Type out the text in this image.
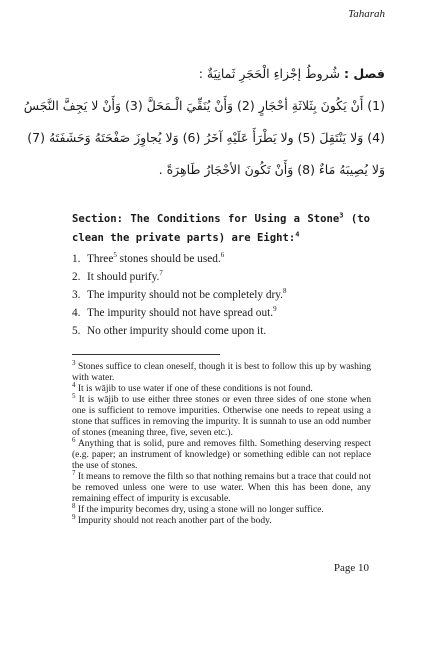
Taharah
فصل : شُروطُ إجْزاءِ الْحَجَرِ ثَمانِيَةٌ :
(1) أَنْ يَكُونَ بِثَلاثَةِ أحْجَارٍ (2) وَأَنْ يُنَقِّيَ الْـمَحَلَّ (3) وَأَنْ لا يَجِفَّ النَّجَسُ
(4) وَلا يَنْتَقِلَ (5) ولا يَطْرَأَ عَلَيْهِ آخَرُ (6) وَلا يُجاوِزَ صَفْحَتَهُ وَحَشَفَتَهُ (7)
وَلا يُصِيبَهُ مَاءٌ (8) وَأَنْ تَكُونَ الأحْجَارُ طَاهِرَةً .

Section: The Conditions for Using a Stone$^3$ (to clean the private parts) are Eight:$^4$

1. Three$^5$ stones should be used.$^6$
2. It should purify.$^7$
3. The impurity should not be completely dry.$^8$
4. The impurity should not have spread out.$^9$
5. No other impurity should come upon it.

$^3$ Stones suffice to clean oneself, though it is best to follow this up by washing with water.

$^4$ It is wājib to use water if one of these conditions is not found.

$^5$ It is wājib to use either three stones or even three sides of one stone when one is sufficient to remove impurities. Otherwise one needs to repeat using a stone that suffices in removing the impurity. It is sunnah to use an odd number of stones (meaning three, five, seven etc.).

$^6$ Anything that is solid, pure and removes filth. Something deserving respect (e.g. paper; an instrument of knowledge) or something edible can not replace the use of stones.

$^7$ It means to remove the filth so that nothing remains but a trace that could not be removed unless one were to use water. When this has been done, any remaining effect of impurity is excusable.

$^8$ If the impurity becomes dry, using a stone will no longer suffice.

$^9$ Impurity should not reach another part of the body.

Page 10
